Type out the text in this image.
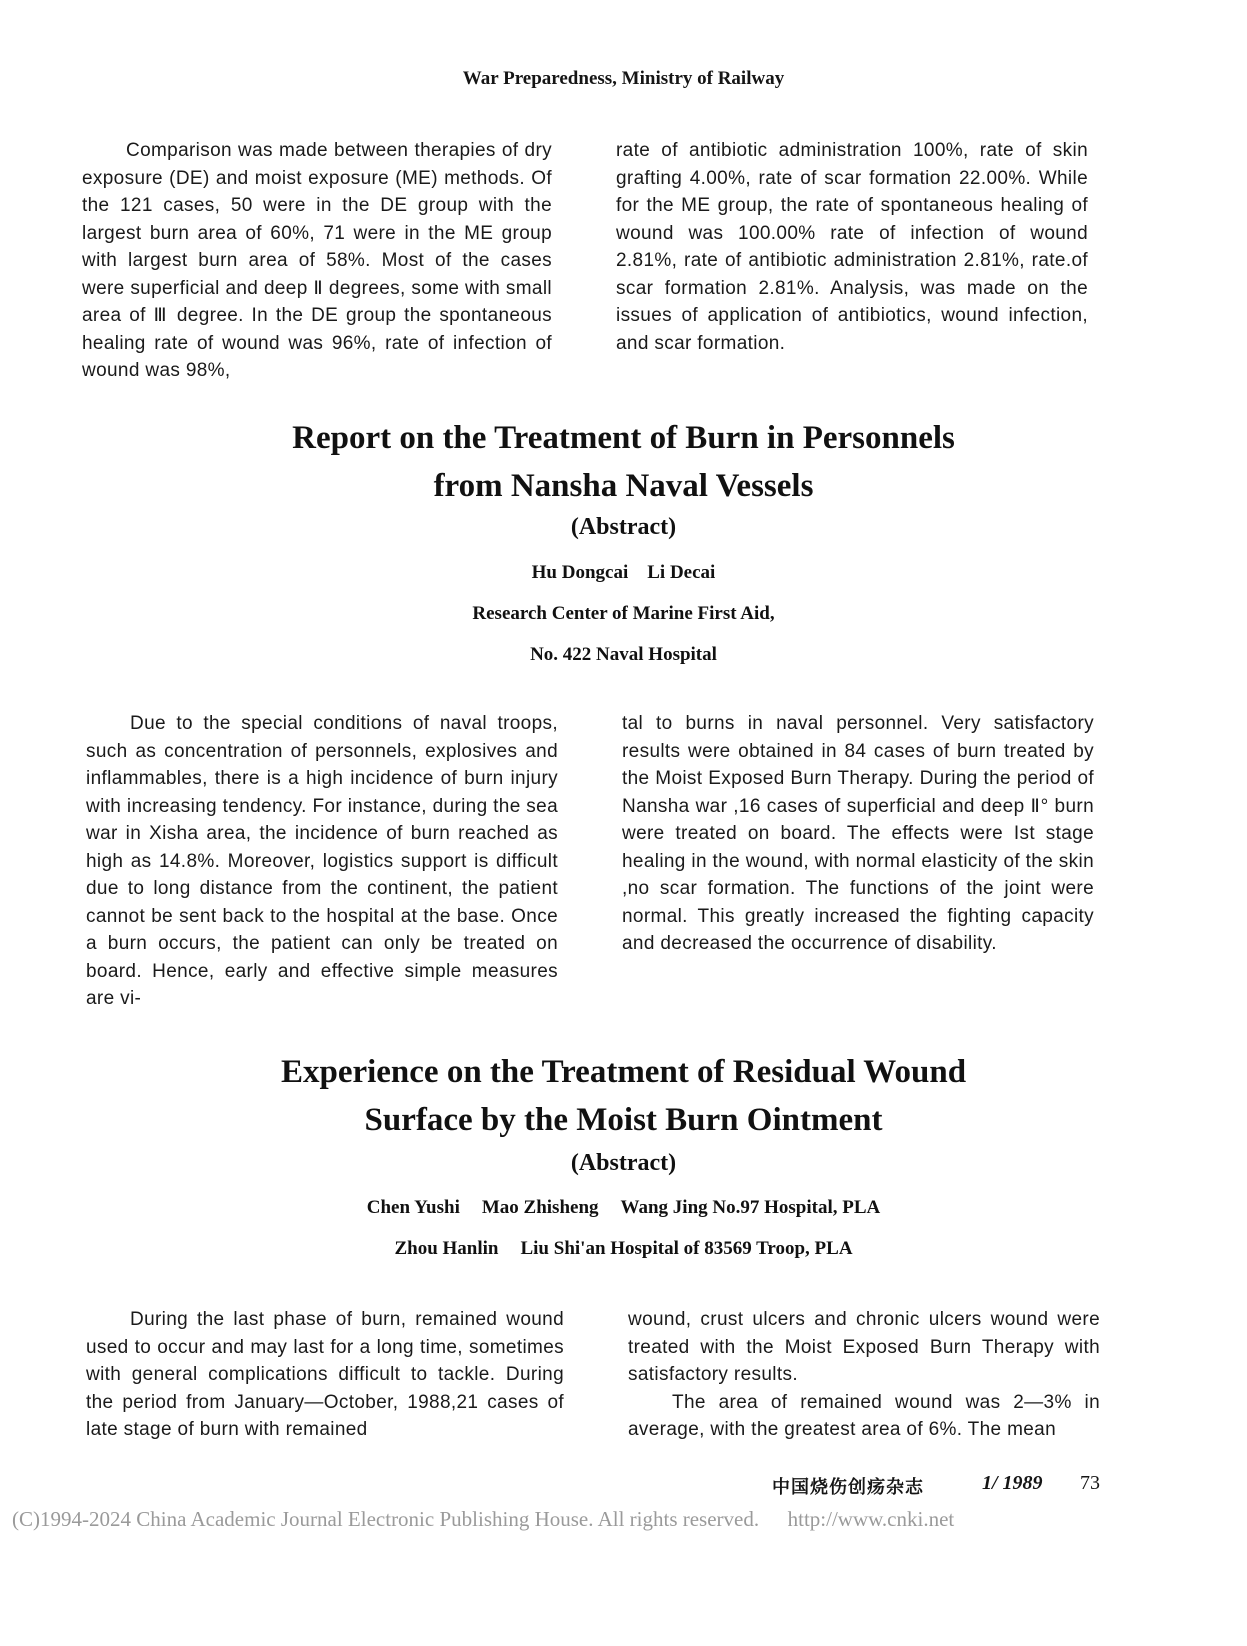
War Preparedness, Ministry of Railway

Comparison was made between therapies of dry exposure (DE) and moist exposure (ME) methods. Of the 121 cases, 50 were in the DE group with the largest burn area of 60%, 71 were in the ME group with largest burn area of 58%. Most of the cases were superficial and deep Ⅱ degrees, some with small area of Ⅲ degree. In the DE group the spontaneous healing rate of wound was 96%, rate of infection of wound was 98%,

rate of antibiotic administration 100%, rate of skin grafting 4.00%, rate of scar formation 22.00%. While for the ME group, the rate of spontaneous healing of wound was 100.00% rate of infection of wound 2.81%, rate of antibiotic administration 2.81%, rate.of scar formation 2.81%. Analysis, was made on the issues of application of antibiotics, wound infection, and scar formation.

Report on the Treatment of Burn in Personnels
from Nansha Naval Vessels
(Abstract)
Hu Dongcai    Li Decai
Research Center of Marine First Aid,
No. 422 Naval Hospital

Due to the special conditions of naval troops, such as concentration of personnels, explosives and inflammables, there is a high incidence of burn injury with increasing tendency. For instance, during the sea war in Xisha area, the incidence of burn reached as high as 14.8%. Moreover, logistics support is difficult due to long distance from the continent, the patient cannot be sent back to the hospital at the base. Once a burn occurs, the patient can only be treated on board. Hence, early and effective simple measures are vi-

tal to burns in naval personnel. Very satisfactory results were obtained in 84 cases of burn treated by the Moist Exposed Burn Therapy. During the period of Nansha war ,16 cases of superficial and deep Ⅱ° burn were treated on board. The effects were Ist stage healing in the wound, with normal elasticity of the skin ,no scar formation. The functions of the joint were normal. This greatly increased the fighting capacity and decreased the occurrence of disability.

Experience on the Treatment of Residual Wound
Surface by the Moist Burn Ointment
(Abstract)
Chen Yushi Mao Zhisheng Wang Jing No.97 Hospital, PLA
Zhou Hanlin Liu Shi'an Hospital of 83569 Troop, PLA

During the last phase of burn, remained wound used to occur and may last for a long time, sometimes with general complications difficult to tackle. During the period from January—October, 1988,21 cases of late stage of burn with remained

wound, crust ulcers and chronic ulcers wound were treated with the Moist Exposed Burn Therapy with satisfactory results.

The area of remained wound was 2—3% in average, with the greatest area of 6%. The mean

中国烧伤创疡杂志	1/ 1989 73
(C)1994-2024 China Academic Journal Electronic Publishing House. All rights reserved. http://www.cnki.net
